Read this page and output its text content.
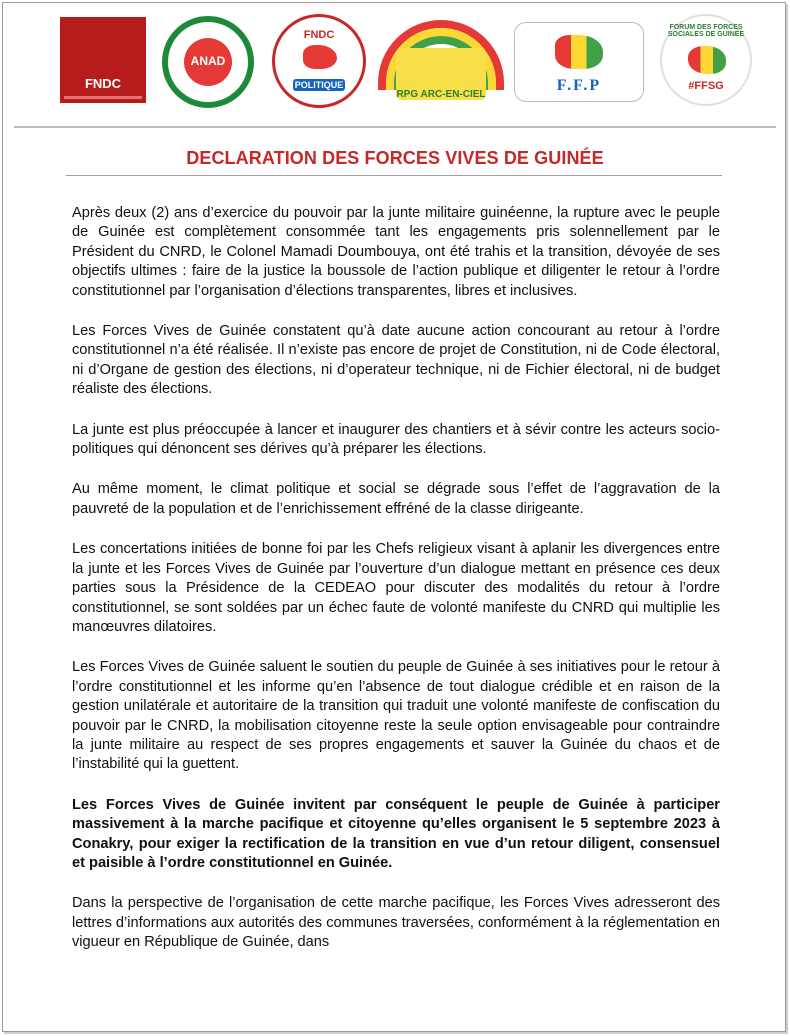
FNDC
ANAD
FNDC
POLITIQUE
RPG ARC-EN-CIEL
F.F.P
FORUM DES FORCES SOCIALES DE GUINÉE
#FFSG
DECLARATION DES FORCES VIVES DE GUINÉE

Après deux (2) ans d’exercice du pouvoir par la junte militaire guinéenne, la rupture avec le peuple de Guinée est complètement consommée tant les engagements pris solennellement par le Président du CNRD, le Colonel Mamadi Doumbouya, ont été trahis et la transition, dévoyée de ses objectifs ultimes : faire de la justice la boussole de l’action publique et diligenter le retour à l’ordre constitutionnel par l’organisation d’élections transparentes, libres et inclusives.

Les Forces Vives de Guinée constatent qu’à date aucune action concourant au retour à l’ordre constitutionnel n’a été réalisée. Il n’existe pas encore de projet de Constitution, ni de Code électoral, ni d’Organe de gestion des élections, ni d’operateur technique, ni de Fichier électoral, ni de budget réaliste des élections.

La junte est plus préoccupée à lancer et inaugurer des chantiers et à sévir contre les acteurs socio- politiques qui dénoncent ses dérives qu’à préparer les élections.

Au même moment, le climat politique et social se dégrade sous l’effet de l’aggravation de la pauvreté de la population et de l’enrichissement effréné de la classe dirigeante.

Les concertations initiées de bonne foi par les Chefs religieux visant à aplanir les divergences entre la junte et les Forces Vives de Guinée par l’ouverture d’un dialogue mettant en présence ces deux parties sous la Présidence de la CEDEAO pour discuter des modalités du retour à l’ordre constitutionnel, se sont soldées par un échec faute de volonté manifeste du CNRD qui multiplie les manœuvres dilatoires.

Les Forces Vives de Guinée saluent le soutien du peuple de Guinée à ses initiatives pour le retour à l’ordre constitutionnel et les informe qu’en l’absence de tout dialogue crédible et en raison de la gestion unilatérale et autoritaire de la transition qui traduit une volonté manifeste de confiscation du pouvoir par le CNRD, la mobilisation citoyenne reste la seule option envisageable pour contraindre la junte militaire au respect de ses propres engagements et sauver la Guinée du chaos et de l’instabilité qui la guettent.

Les Forces Vives de Guinée invitent par conséquent le peuple de Guinée à participer massivement à la marche pacifique et citoyenne qu’elles organisent le 5 septembre 2023 à Conakry, pour exiger la rectification de la transition en vue d’un retour diligent, consensuel et paisible à l’ordre constitutionnel en Guinée.

Dans la perspective de l’organisation de cette marche pacifique, les Forces Vives adresseront des lettres d’informations aux autorités des communes traversées, conformément à la réglementation en vigueur en République de Guinée, dans
